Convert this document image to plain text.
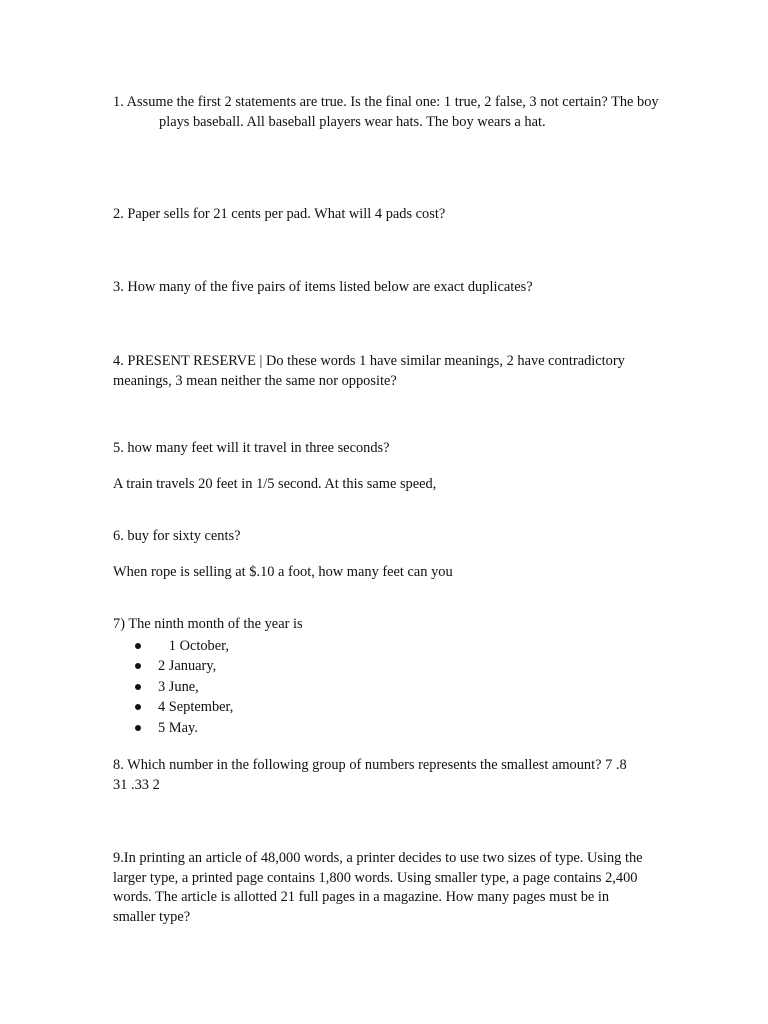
1. Assume the first 2 statements are true. Is the final one: 1 true, 2 false, 3 not certain? The boy plays baseball. All baseball players wear hats. The boy wears a hat.

2. Paper sells for 21 cents per pad. What will 4 pads cost?

3. How many of the five pairs of items listed below are exact duplicates?

4. PRESENT RESERVE | Do these words 1 have similar meanings, 2 have contradictory meanings, 3 mean neither the same nor opposite?

5. how many feet will it travel in three seconds?

A train travels 20 feet in 1/5 second. At this same speed,

6. buy for sixty cents?

When rope is selling at $.10 a foot, how many feet can you

7) The ninth month of the year is

1 October,
2 January,
3 June,
4 September,
5 May.

8. Which number in the following group of numbers represents the smallest amount? 7 .8 31 .33 2

9.In printing an article of 48,000 words, a printer decides to use two sizes of type. Using the larger type, a printed page contains 1,800 words. Using smaller type, a page contains 2,400 words. The article is allotted 21 full pages in a magazine. How many pages must be in smaller type?
